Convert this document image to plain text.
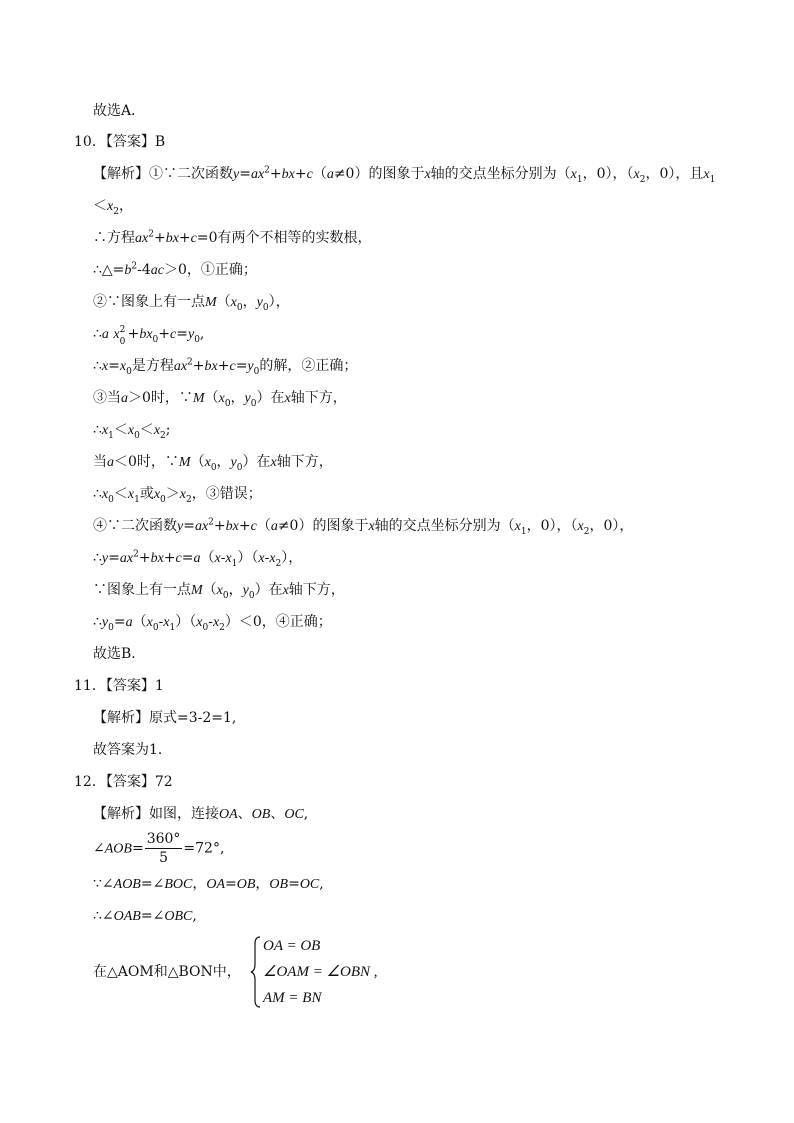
故选A．
10．【答案】B
【解析】①∵二次函数$y=ax^2+bx+c(a\ne 0)$的图象于x轴的交点坐标分别为（$x_1$，0），（$x_2$，0），且$x_1$
$<x_2$，
∴方程$ax^2+bx+c=0$有两个不相等的实数根，
$\therefore\triangle=b^2-4ac>0$，①正确；
②∵图象上有一点$M(x_0$，$y_0$），
∴a x 2
$0 +bx_0+c=y_0$,
$\therefore x=x_0$是方程$ax^2+bx+c=y_0$的解，②正确；
③当a＞0时，$\because M(x_0$，$y_0$）在x轴下方，
$\therefore x_1<x_0<x_2$;
当a＜0时，$\because M(x_0$，$y_0$）在x轴下方，
$\therefore x_0<x_1$或$x_0>x_2$，③错误；
④∵二次函数$y=ax^2+bx+c(a\ne 0)$的图象于x轴的交点坐标分别为（$x_1$，0），（$x_2$，0），
$\therefore y=ax^2+bx+c=a(x-x_1)(x-x_2)$，
∵图象上有一点$M(x_0$，$y_0$）在x轴下方，
$\therefore y_0=a(x_0-x_1)(x_0-x_2)<0$，④正确；
故选B．
11．【答案】1
【解析】原式=3-2=1,
故答案为1．
12．【答案】72
【解析】如图，连接OA、OB、OC,
∠AOB= $\frac{360^\circ}{5} =72^\circ$,
∵∠AOB=∠BOC，OA=OB，OB=OC,
∴∠OAB=∠OBC,
在△AOM和△BON中，
OA = OB
∠OAM = ∠OBN ,
AM = BN
